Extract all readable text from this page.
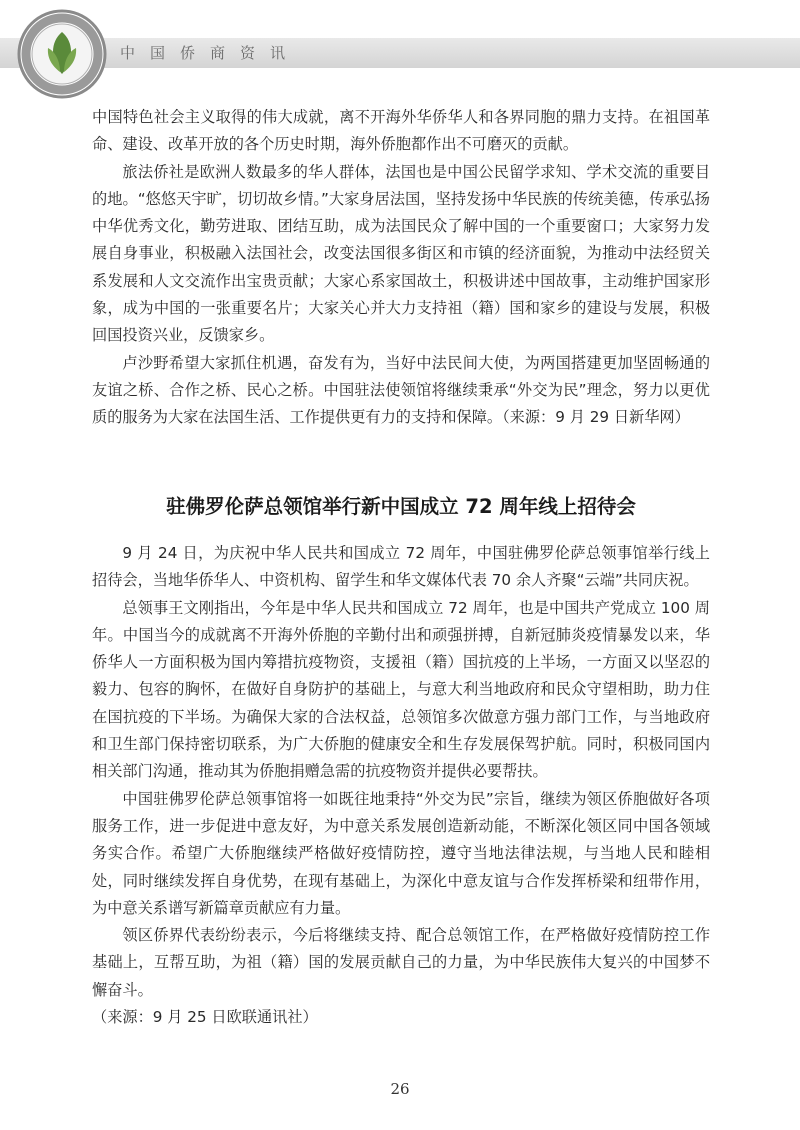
中国侨商资讯

中国特色社会主义取得的伟大成就，离不开海外华侨华人和各界同胞的鼎力支持。在祖国革命、建设、改革开放的各个历史时期，海外侨胞都作出不可磨灭的贡献。

旅法侨社是欧洲人数最多的华人群体，法国也是中国公民留学求知、学术交流的重要目的地。“悠悠天宇旷，切切故乡情。”大家身居法国，坚持发扬中华民族的传统美德，传承弘扬中华优秀文化，勤劳进取、团结互助，成为法国民众了解中国的一个重要窗口；大家努力发展自身事业，积极融入法国社会，改变法国很多街区和市镇的经济面貌，为推动中法经贸关系发展和人文交流作出宝贵贡献；大家心系家国故土，积极讲述中国故事，主动维护国家形象，成为中国的一张重要名片；大家关心并大力支持祖（籍）国和家乡的建设与发展，积极回国投资兴业，反馈家乡。

卢沙野希望大家抓住机遇，奋发有为，当好中法民间大使，为两国搭建更加坚固畅通的友谊之桥、合作之桥、民心之桥。中国驻法使领馆将继续秉承“外交为民”理念，努力以更优质的服务为大家在法国生活、工作提供更有力的支持和保障。（来源：9 月 29 日新华网）

驻佛罗伦萨总领馆举行新中国成立 72 周年线上招待会

9 月 24 日，为庆祝中华人民共和国成立 72 周年，中国驻佛罗伦萨总领事馆举行线上招待会，当地华侨华人、中资机构、留学生和华文媒体代表 70 余人齐聚“云端”共同庆祝。

总领事王文刚指出，今年是中华人民共和国成立 72 周年，也是中国共产党成立 100 周年。中国当今的成就离不开海外侨胞的辛勤付出和顽强拼搏，自新冠肺炎疫情暴发以来，华侨华人一方面积极为国内筹措抗疫物资，支援祖（籍）国抗疫的上半场，一方面又以坚忍的毅力、包容的胸怀，在做好自身防护的基础上，与意大利当地政府和民众守望相助，助力住在国抗疫的下半场。为确保大家的合法权益，总领馆多次做意方强力部门工作，与当地政府和卫生部门保持密切联系，为广大侨胞的健康安全和生存发展保驾护航。同时，积极同国内相关部门沟通，推动其为侨胞捐赠急需的抗疫物资并提供必要帮扶。

中国驻佛罗伦萨总领事馆将一如既往地秉持“外交为民”宗旨，继续为领区侨胞做好各项服务工作，进一步促进中意友好，为中意关系发展创造新动能，不断深化领区同中国各领域务实合作。希望广大侨胞继续严格做好疫情防控，遵守当地法律法规，与当地人民和睦相处，同时继续发挥自身优势，在现有基础上，为深化中意友谊与合作发挥桥梁和纽带作用，为中意关系谱写新篇章贡献应有力量。

领区侨界代表纷纷表示，今后将继续支持、配合总领馆工作，在严格做好疫情防控工作基础上，互帮互助，为祖（籍）国的发展贡献自己的力量，为中华民族伟大复兴的中国梦不懈奋斗。

（来源：9 月 25 日欧联通讯社）

26
